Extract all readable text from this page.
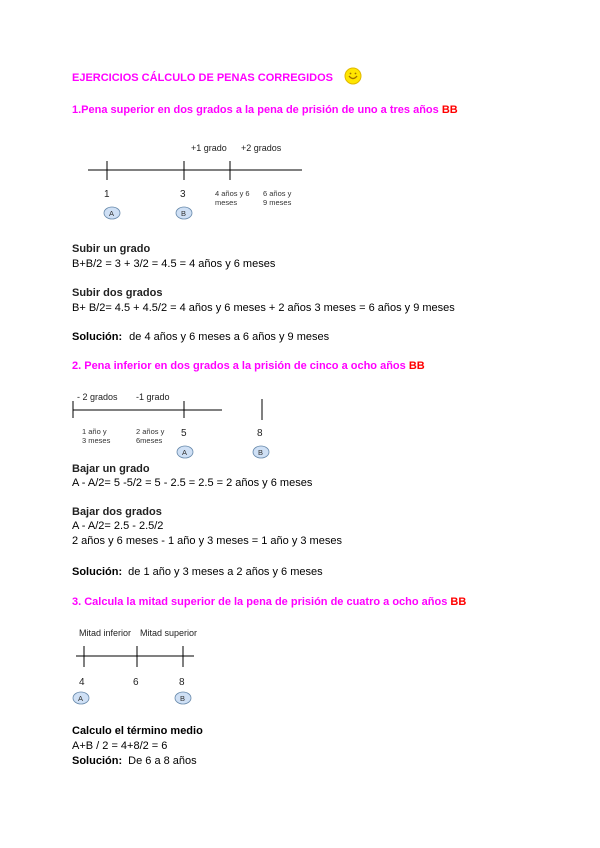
EJERCICIOS CÁLCULO DE PENAS CORREGIDOS
1.Pena superior en dos grados a la pena de prisión de uno a tres años BB
+1 grado +2 grados
1	3	4 años y 6
meses
6 años y
9 meses
A	B
Subir un grado
B+B/2 = 3 + 3/2 = 4.5 = 4 años y 6 meses
Subir dos grados
B+ B/2= 4.5 + 4.5/2 = 4 años y 6 meses + 2 años 3 meses = 6 años y 9 meses
Solución: de 4 años y 6 meses a 6 años y 9 meses
2. Pena inferior en dos grados a la prisión de cinco a ocho años BB
- 2 grados -1 grado
1 año y
3 meses
2 años y
6meses
5	8
A	B
Bajar un grado
A - A/2= 5 -5/2 = 5 - 2.5 = 2.5 = 2 años y 6 meses
Bajar dos grados
A - A/2= 2.5 - 2.5/2
2 años y 6 meses - 1 año y 3 meses = 1 año y 3 meses
Solución: de 1 año y 3 meses a 2 años y 6 meses
3. Calcula la mitad superior de la pena de prisión de cuatro a ocho años BB
Mitad inferior Mitad superior
4	6	8
A	B
Calculo el término medio
A+B / 2 = 4+8/2 = 6
Solución: De 6 a 8 años
